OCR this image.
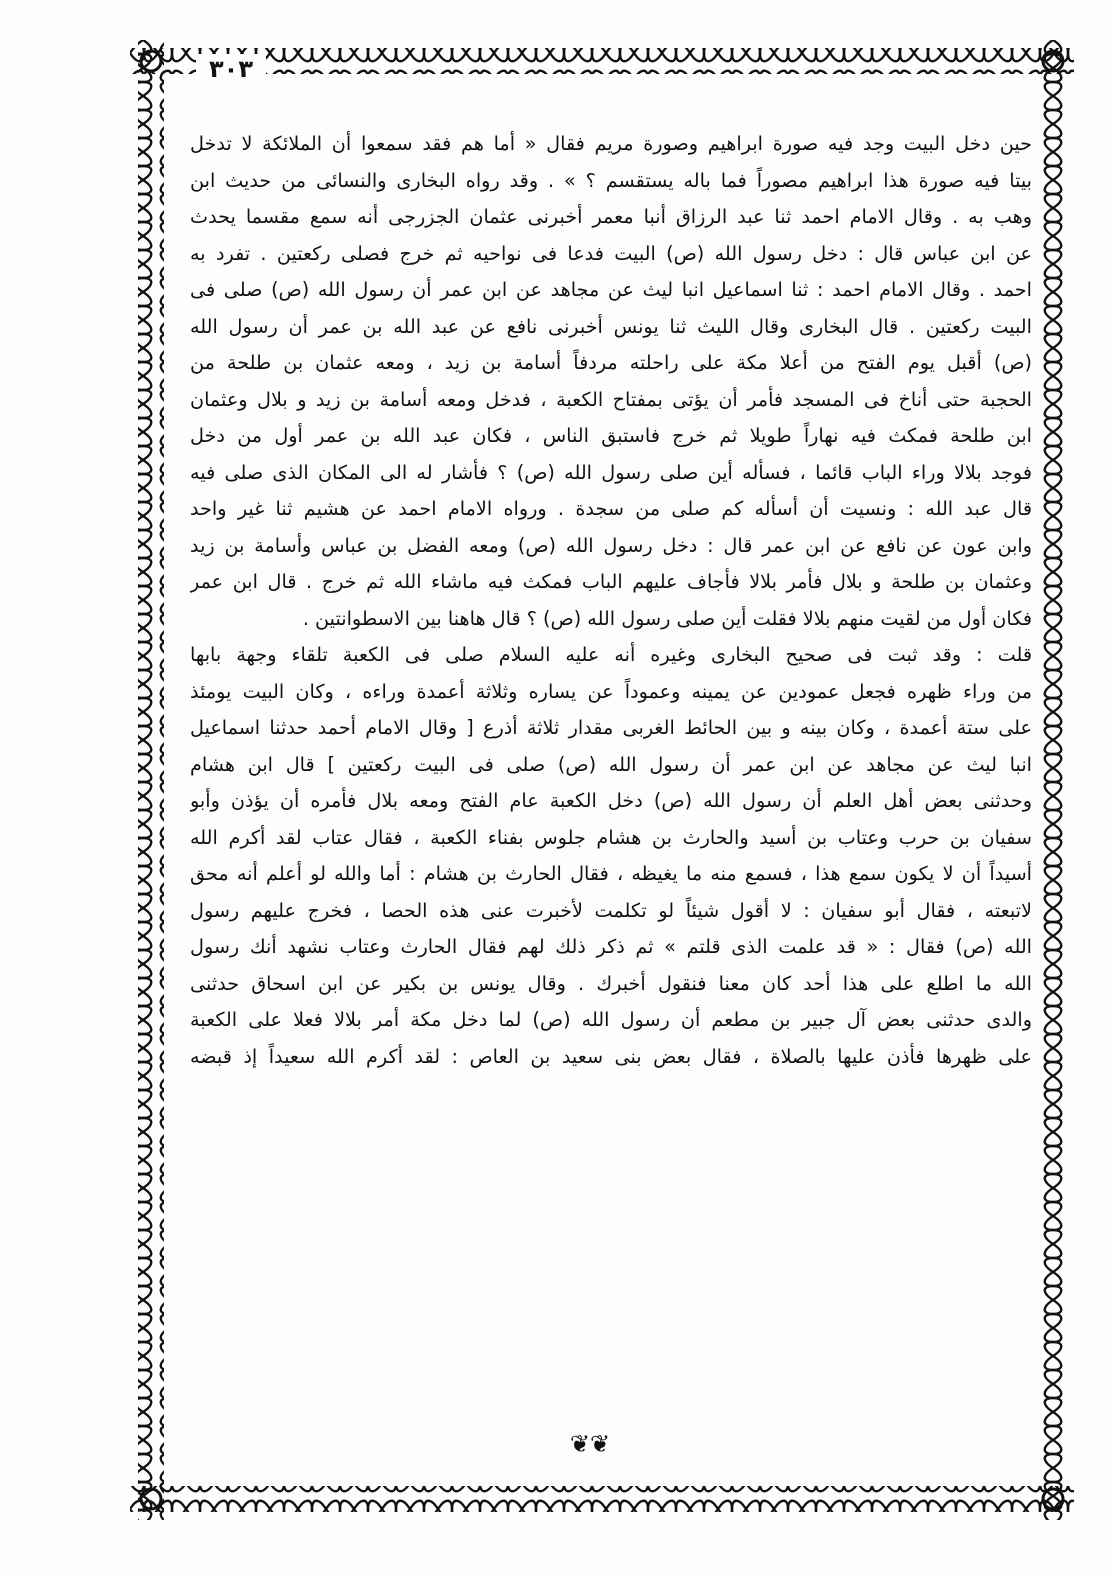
٣٠٣
حين دخل البيت وجد فيه صورة ابراهيم وصورة مريم فقال « أما هم فقد سمعوا أن الملائكة لا تدخل
بيتا فيه صورة هذا ابراهيم مصوراً فما باله يستقسم ؟ » . وقد رواه البخارى والنسائى من حديث ابن
وهب به . وقال الامام احمد ثنا عبد الرزاق أنبا معمر أخبرنى عثمان الجزرجى أنه سمع مقسما يحدث
عن ابن عباس قال : دخل رسول الله (ص) البيت فدعا فى نواحيه ثم خرج فصلى ركعتين . تفرد به
احمد . وقال الامام احمد : ثنا اسماعيل انبا ليث عن مجاهد عن ابن عمر أن رسول الله (ص) صلى فى
البيت ركعتين . قال البخارى وقال الليث ثنا يونس أخبرنى نافع عن عبد الله بن عمر أن رسول الله
(ص) أقبل يوم الفتح من أعلا مكة على راحلته مردفاً أسامة بن زيد ، ومعه عثمان بن طلحة من
الحجبة حتى أناخ فى المسجد فأمر أن يؤتى بمفتاح الكعبة ، فدخل ومعه أسامة بن زيد و بلال وعثمان
ابن طلحة فمكث فيه نهاراً طويلا ثم خرج فاستبق الناس ، فكان عبد الله بن عمر أول من دخل
فوجد بلالا وراء الباب قائما ، فسأله أين صلى رسول الله (ص) ؟ فأشار له الى المكان الذى صلى فيه
قال عبد الله : ونسيت أن أسأله كم صلى من سجدة . ورواه الامام احمد عن هشيم ثنا غير واحد
وابن عون عن نافع عن ابن عمر قال : دخل رسول الله (ص) ومعه الفضل بن عباس وأسامة بن زيد
وعثمان بن طلحة و بلال فأمر بلالا فأجاف عليهم الباب فمكث فيه ماشاء الله ثم خرج . قال ابن عمر
فكان أول من لقيت منهم بلالا فقلت أين صلى رسول الله (ص) ؟ قال هاهنا بين الاسطوانتين .
قلت : وقد ثبت فى صحيح البخارى وغيره أنه عليه السلام صلى فى الكعبة تلقاء وجهة بابها
من وراء ظهره فجعل عمودين عن يمينه وعموداً عن يساره وثلاثة أعمدة وراءه ، وكان البيت يومئذ
على ستة أعمدة ، وكان بينه و بين الحائط الغربى مقدار ثلاثة أذرع [ وقال الامام أحمد حدثنا اسماعيل
انبا ليث عن مجاهد عن ابن عمر أن رسول الله (ص) صلى فى البيت ركعتين ] قال ابن هشام
وحدثنى بعض أهل العلم أن رسول الله (ص) دخل الكعبة عام الفتح ومعه بلال فأمره أن يؤذن وأبو
سفيان بن حرب وعتاب بن أسيد والحارث بن هشام جلوس بفناء الكعبة ، فقال عتاب لقد أكرم الله
أسيداً أن لا يكون سمع هذا ، فسمع منه ما يغيظه ، فقال الحارث بن هشام : أما والله لو أعلم أنه محق
لاتبعته ، فقال أبو سفيان : لا أقول شيئاً لو تكلمت لأخبرت عنى هذه الحصا ، فخرج عليهم رسول
الله (ص) فقال : « قد علمت الذى قلتم » ثم ذكر ذلك لهم فقال الحارث وعتاب نشهد أنك رسول
الله ما اطلع على هذا أحد كان معنا فنقول أخبرك . وقال يونس بن بكير عن ابن اسحاق حدثنى
والدى حدثنى بعض آل جبير بن مطعم أن رسول الله (ص) لما دخل مكة أمر بلالا فعلا على الكعبة
على ظهرها فأذن عليها بالصلاة ، فقال بعض بنى سعيد بن العاص : لقد أكرم الله سعيداً إذ قبضه
❦❦
